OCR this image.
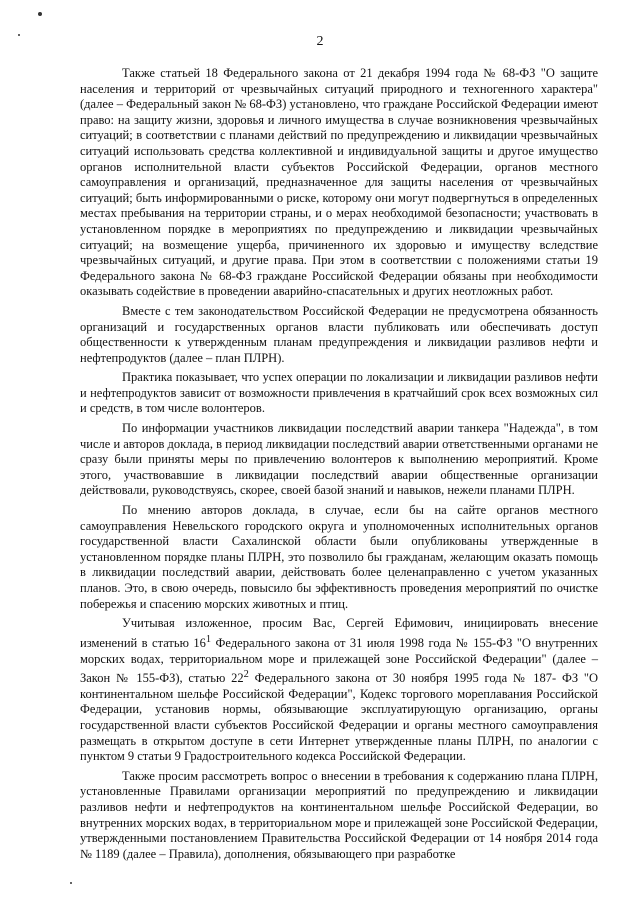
2

Также статьей 18 Федерального закона от 21 декабря 1994 года № 68-ФЗ "О защите населения и территорий от чрезвычайных ситуаций природного и техногенного характера" (далее – Федеральный закон № 68-ФЗ) установлено, что граждане Российской Федерации имеют право: на защиту жизни, здоровья и личного имущества в случае возникновения чрезвычайных ситуаций; в соответствии с планами действий по предупреждению и ликвидации чрезвычайных ситуаций использовать средства коллективной и индивидуальной защиты и другое имущество органов исполнительной власти субъектов Российской Федерации, органов местного самоуправления и организаций, предназначенное для защиты населения от чрезвычайных ситуаций; быть информированными о риске, которому они могут подвергнуться в определенных местах пребывания на территории страны, и о мерах необходимой безопасности; участвовать в установленном порядке в мероприятиях по предупреждению и ликвидации чрезвычайных ситуаций; на возмещение ущерба, причиненного их здоровью и имуществу вследствие чрезвычайных ситуаций, и другие права. При этом в соответствии с положениями статьи 19 Федерального закона № 68-ФЗ граждане Российской Федерации обязаны при необходимости оказывать содействие в проведении аварийно-спасательных и других неотложных работ.

Вместе с тем законодательством Российской Федерации не предусмотрена обязанность организаций и государственных органов власти публиковать или обеспечивать доступ общественности к утвержденным планам предупреждения и ликвидации разливов нефти и нефтепродуктов (далее – план ПЛРН).

Практика показывает, что успех операции по локализации и ликвидации разливов нефти и нефтепродуктов зависит от возможности привлечения в кратчайший срок всех возможных сил и средств, в том числе волонтеров.

По информации участников ликвидации последствий аварии танкера "Надежда", в том числе и авторов доклада, в период ликвидации последствий аварии ответственными органами не сразу были приняты меры по привлечению волонтеров к выполнению мероприятий. Кроме этого, участвовавшие в ликвидации последствий аварии общественные организации действовали, руководствуясь, скорее, своей базой знаний и навыков, нежели планами ПЛРН.

По мнению авторов доклада, в случае, если бы на сайте органов местного самоуправления Невельского городского округа и уполномоченных исполнительных органов государственной власти Сахалинской области были опубликованы утвержденные в установленном порядке планы ПЛРН, это позволило бы гражданам, желающим оказать помощь в ликвидации последствий аварии, действовать более целенаправленно с учетом указанных планов. Это, в свою очередь, повысило бы эффективность проведения мероприятий по очистке побережья и спасению морских животных и птиц.

Учитывая изложенное, просим Вас, Сергей Ефимович, инициировать внесение изменений в статью $16^1$ Федерального закона от 31 июля 1998 года № 155-ФЗ "О внутренних морских водах, территориальном море и прилежащей зоне Российской Федерации" (далее – Закон № 155-ФЗ), статью $22^2$ Федерального закона от 30 ноября 1995 года № 187- ФЗ "О континентальном шельфе Российской Федерации", Кодекс торгового мореплавания Российской Федерации, установив нормы, обязывающие эксплуатирующую организацию, органы государственной власти субъектов Российской Федерации и органы местного самоуправления размещать в открытом доступе в сети Интернет утвержденные планы ПЛРН, по аналогии с пунктом 9 статьи 9 Градостроительного кодекса Российской Федерации.

Также просим рассмотреть вопрос о внесении в требования к содержанию плана ПЛРН, установленные Правилами организации мероприятий по предупреждению и ликвидации разливов нефти и нефтепродуктов на континентальном шельфе Российской Федерации, во внутренних морских водах, в территориальном море и прилежащей зоне Российской Федерации, утвержденными постановлением Правительства Российской Федерации от 14 ноября 2014 года № 1189 (далее – Правила), дополнения, обязывающего при разработке
